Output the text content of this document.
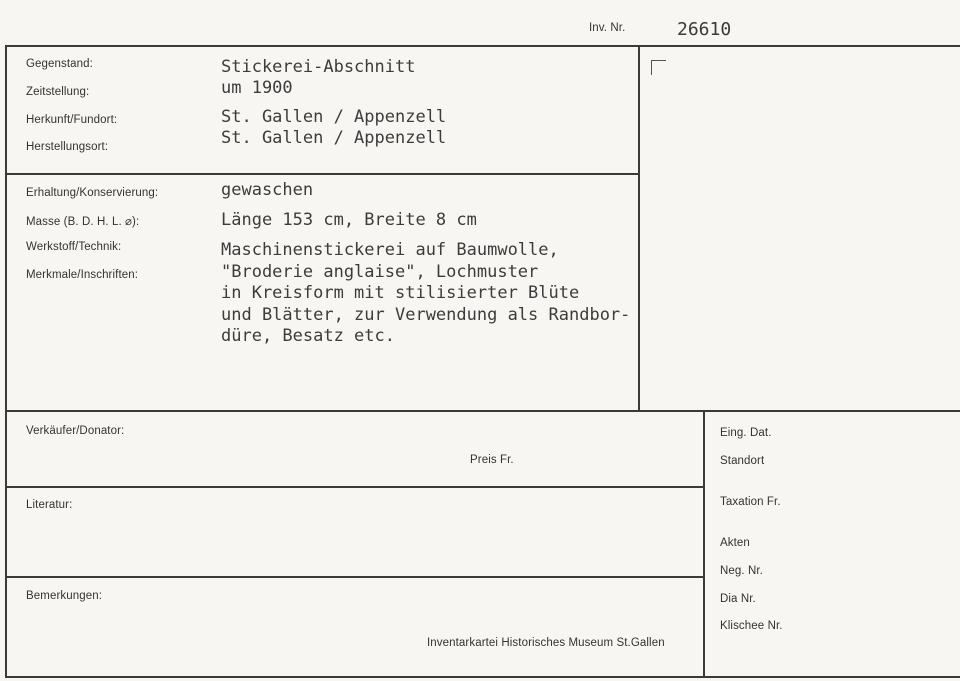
Inv. Nr.	26610
Gegenstand:
Zeitstellung:
Herkunft/Fundort:
Herstellungsort:
Stickerei-Abschnitt
um 1900
St. Gallen / Appenzell
St. Gallen / Appenzell
Erhaltung/Konservierung:
Masse (B. D. H. L. ⌀):
Werkstoff/Technik:
Merkmale/Inschriften:
gewaschen
Länge 153 cm, Breite 8 cm
Maschinenstickerei auf Baumwolle,
"Broderie anglaise", Lochmuster
in Kreisform mit stilisierter Blüte
und Blätter, zur Verwendung als Randbor-
düre, Besatz etc.
Verkäufer/Donator:
Preis Fr.
Literatur:
Bemerkungen:
Inventarkartei Historisches Museum St.Gallen
Eing. Dat.
Standort
Taxation Fr.
Akten
Neg. Nr.
Dia Nr.
Klischee Nr.
